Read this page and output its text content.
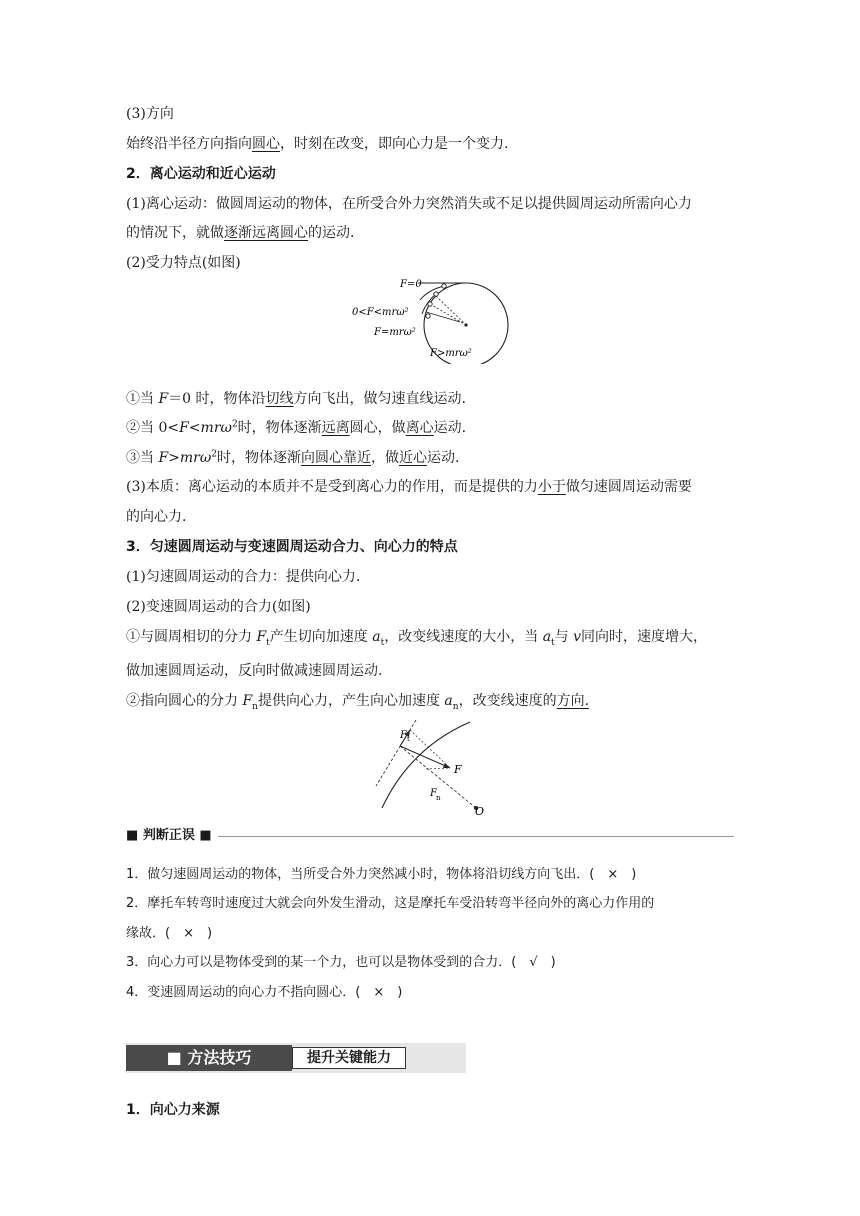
(3)方向
始终沿半径方向指向圆心，时刻在改变，即向心力是一个变力.
2．离心运动和近心运动
(1)离心运动：做圆周运动的物体，在所受合外力突然消失或不足以提供圆周运动所需向心力
的情况下，就做逐渐远离圆心的运动.
(2)受力特点(如图)
F=0
0<F<mrω²
F=mrω²
F>mrω²
①当 F＝0 时，物体沿切线方向飞出，做匀速直线运动.
②当 0<F<mrω$^2$时，物体逐渐远离圆心，做离心运动.
③当 F>mrω$^2$时，物体逐渐向圆心靠近，做近心运动.
(3)本质：离心运动的本质并不是受到离心力的作用，而是提供的力小于做匀速圆周运动需要
的向心力.
3．匀速圆周运动与变速圆周运动合力、向心力的特点
(1)匀速圆周运动的合力：提供向心力.
(2)变速圆周运动的合力(如图)
①与圆周相切的分力 $F_t$产生切向加速度 $a_t$，改变线速度的大小，当 $a_t$与 v同向时，速度增大，
做加速圆周运动，反向时做减速圆周运动.
②指向圆心的分力 $F_n$提供向心力，产生向心加速度 $a_n$，改变线速度的方向.
F t
F
F n
O
■ 判断正误 ■
1．做匀速圆周运动的物体，当所受合外力突然减小时，物体将沿切线方向飞出．(　×　)
2．摩托车转弯时速度过大就会向外发生滑动，这是摩托车受沿转弯半径向外的离心力作用的
缘故．(　×　)
3．向心力可以是物体受到的某一个力，也可以是物体受到的合力．(　√　)
4．变速圆周运动的向心力不指向圆心．(　×　)
■ 方法技巧	提升关键能力
1．向心力来源
